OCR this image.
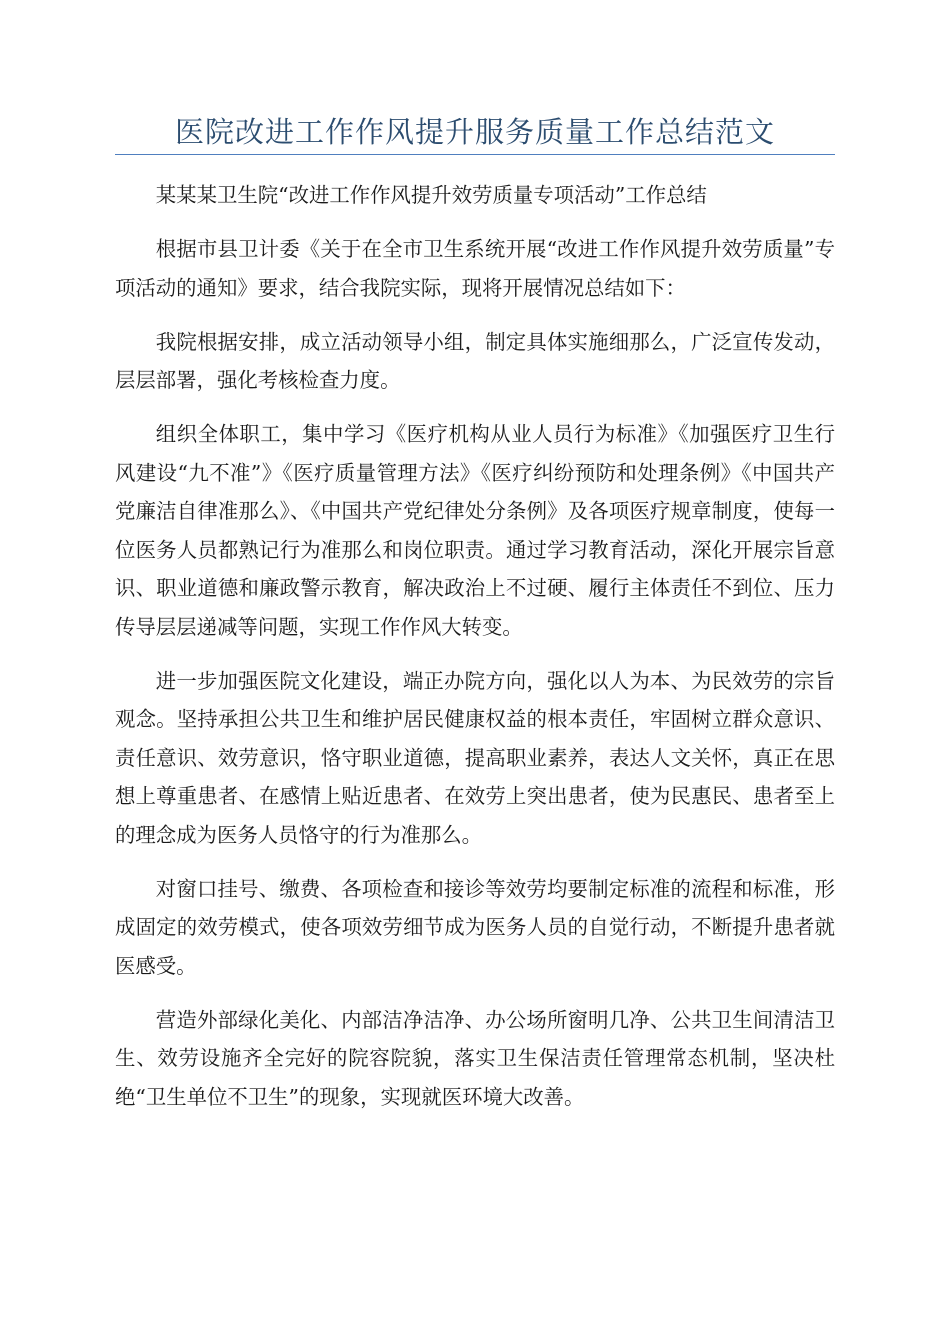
医院改进工作作风提升服务质量工作总结范文

某某某卫生院“改进工作作风提升效劳质量专项活动”工作总结

根据市县卫计委《关于在全市卫生系统开展“改进工作作风提升效劳质量”专项活动的通知》要求，结合我院实际，现将开展情况总结如下：

我院根据安排，成立活动领导小组，制定具体实施细那么，广泛宣传发动，层层部署，强化考核检查力度。

组织全体职工，集中学习《医疗机构从业人员行为标准》《加强医疗卫生行风建设“九不准”》《医疗质量管理方法》《医疗纠纷预防和处理条例》《中国共产党廉洁自律准那么》、《中国共产党纪律处分条例》及各项医疗规章制度，使每一位医务人员都熟记行为准那么和岗位职责。通过学习教育活动，深化开展宗旨意识、职业道德和廉政警示教育，解决政治上不过硬、履行主体责任不到位、压力传导层层递减等问题，实现工作作风大转变。

进一步加强医院文化建设，端正办院方向，强化以人为本、为民效劳的宗旨观念。坚持承担公共卫生和维护居民健康权益的根本责任，牢固树立群众意识、责任意识、效劳意识，恪守职业道德，提高职业素养，表达人文关怀，真正在思想上尊重患者、在感情上贴近患者、在效劳上突出患者，使为民惠民、患者至上的理念成为医务人员恪守的行为准那么。

对窗口挂号、缴费、各项检查和接诊等效劳均要制定标准的流程和标准，形成固定的效劳模式，使各项效劳细节成为医务人员的自觉行动，不断提升患者就医感受。

营造外部绿化美化、内部洁净洁净、办公场所窗明几净、公共卫生间清洁卫生、效劳设施齐全完好的院容院貌，落实卫生保洁责任管理常态机制，坚决杜绝“卫生单位不卫生”的现象，实现就医环境大改善。
